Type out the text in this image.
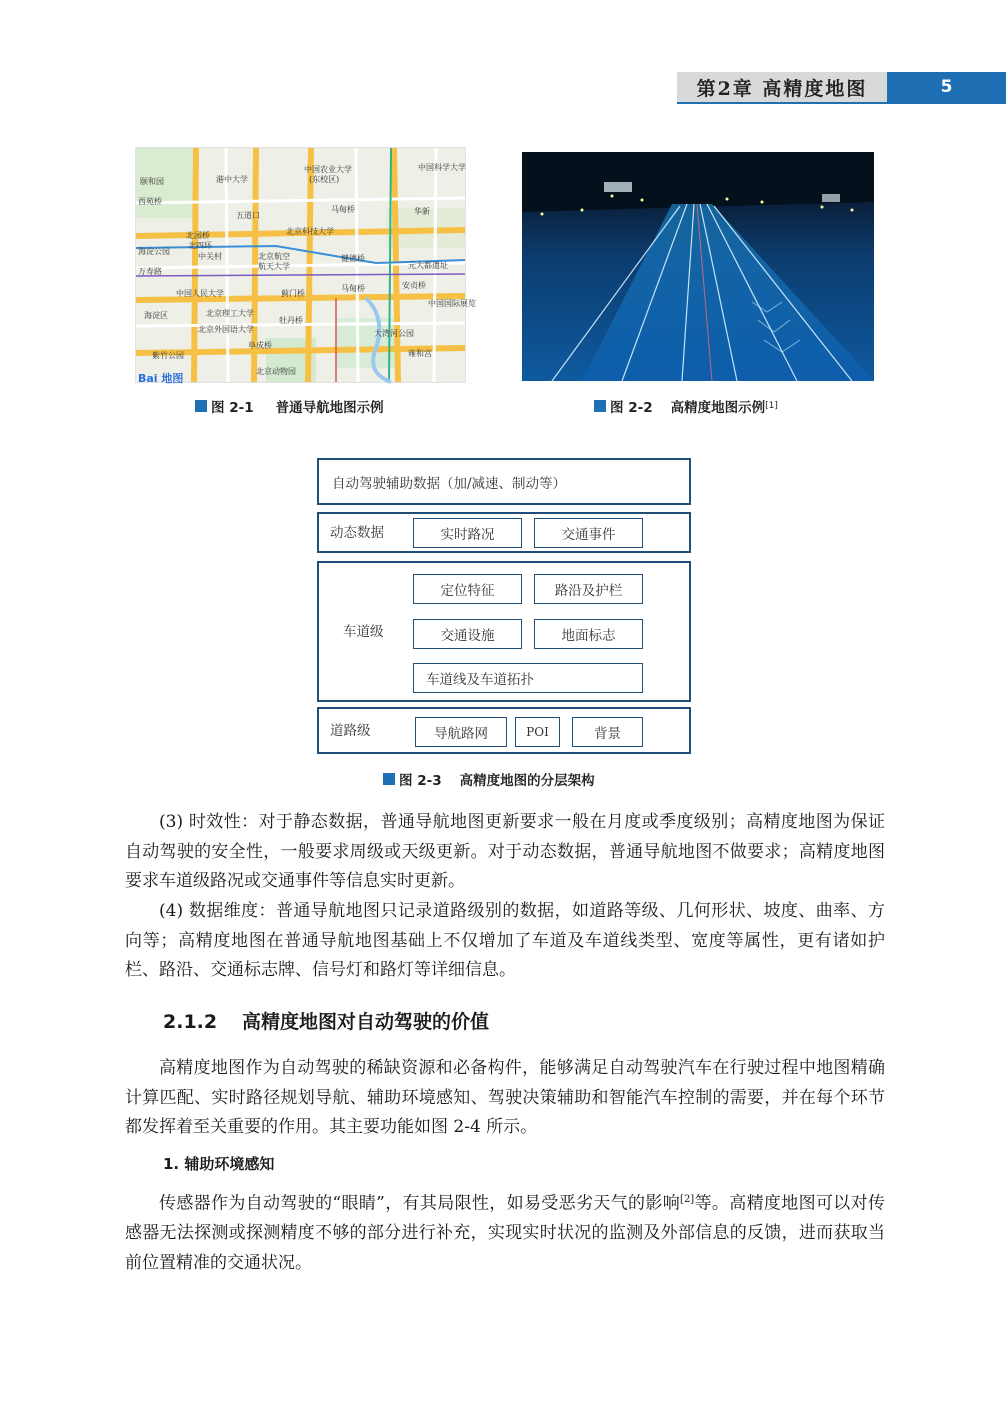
第2章 高精度地图	5
中国农业大学
(东校区)
中国科学大学
港中大学
颐和园
西苑桥
马甸桥
五道口
北园桥	北京科技大学
华新
北四环
海淀公园
中关村	北京航空
航天大学
健德桥
元大都遗址
万寿路
蓟门桥
中国人民大学
马甸桥	安贞桥
中国国际展览
海淀区	北京理工大学
牡丹桥
北京外国语大学	大湾河公园
紫竹公园
阜成桥
雍和宫
北京动物园
Bai 地图
图 2-1 普通导航地图示例	图 2-2 高精度地图示例 [1]
自动驾驶辅助数据（加/减速、制动等）
动态数据	实时路况	交通事件
车道级
定位特征	路沿及护栏
交通设施	地面标志
车道线及车道拓扑
道路级	导航路网	POI	背景
图 2-3 高精度地图的分层架构

(3) 时效性：对于静态数据，普通导航地图更新要求一般在月度或季度级别；高精度地图为保证自动驾驶的安全性，一般要求周级或天级更新。对于动态数据，普通导航地图不做要求；高精度地图要求车道级路况或交通事件等信息实时更新。

(4) 数据维度：普通导航地图只记录道路级别的数据，如道路等级、几何形状、坡度、曲率、方向等；高精度地图在普通导航地图基础上不仅增加了车道及车道线类型、宽度等属性，更有诸如护栏、路沿、交通标志牌、信号灯和路灯等详细信息。

2.1.2 高精度地图对自动驾驶的价值

高精度地图作为自动驾驶的稀缺资源和必备构件，能够满足自动驾驶汽车在行驶过程中地图精确计算匹配、实时路径规划导航、辅助环境感知、驾驶决策辅助和智能汽车控制的需要，并在每个环节都发挥着至关重要的作用。其主要功能如图 2-4 所示。

1. 辅助环境感知

传感器作为自动驾驶的“眼睛”，有其局限性，如易受恶劣天气的影响[2]等。高精度地图可以对传感器无法探测或探测精度不够的部分进行补充，实现实时状况的监测及外部信息的反馈，进而获取当前位置精准的交通状况。
